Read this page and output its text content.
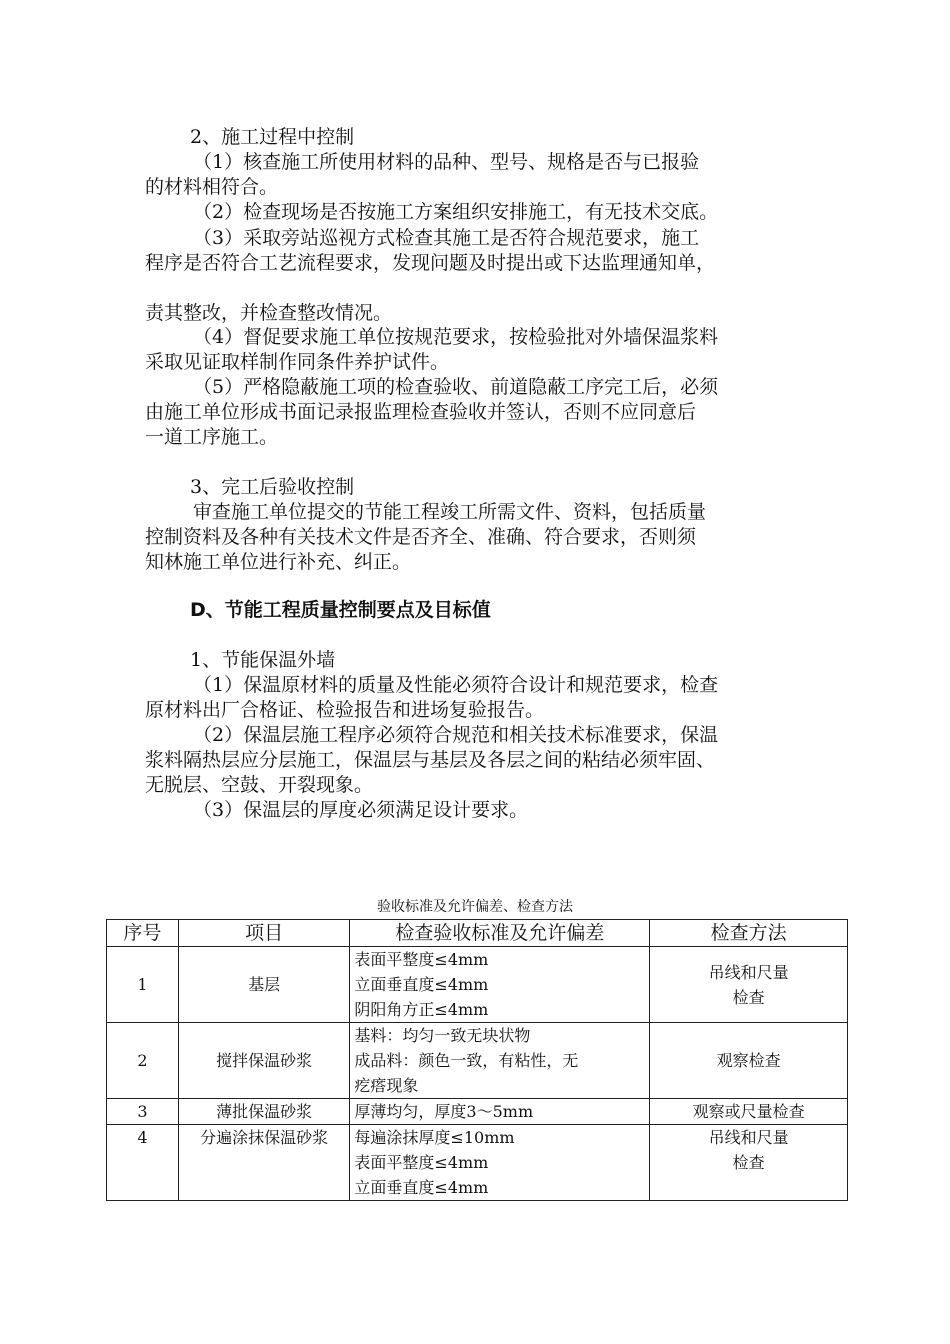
2、施工过程中控制
（1）核查施工所使用材料的品种、型号、规格是否与已报验
的材料相符合。
（2）检查现场是否按施工方案组织安排施工，有无技术交底。
（3）采取旁站巡视方式检查其施工是否符合规范要求，施工
程序是否符合工艺流程要求，发现问题及时提出或下达监理通知单，
责其整改，并检查整改情况。
（4）督促要求施工单位按规范要求，按检验批对外墙保温浆料
采取见证取样制作同条件养护试件。
（5）严格隐蔽施工项的检查验收、前道隐蔽工序完工后，必须
由施工单位形成书面记录报监理检查验收并签认，否则不应同意后
一道工序施工。
3、完工后验收控制
审查施工单位提交的节能工程竣工所需文件、资料，包括质量
控制资料及各种有关技术文件是否齐全、准确、符合要求，否则须
知林施工单位进行补充、纠正。
D、节能工程质量控制要点及目标值
1、节能保温外墙
（1）保温原材料的质量及性能必须符合设计和规范要求，检查
原材料出厂合格证、检验报告和进场复验报告。
（2）保温层施工程序必须符合规范和相关技术标准要求，保温
浆料隔热层应分层施工，保温层与基层及各层之间的粘结必须牢固、
无脱层、空鼓、开裂现象。
（3）保温层的厚度必须满足设计要求。
验收标准及允许偏差、检查方法
序号	项目	检查验收标准及允许偏差	检查方法
1	基层	表面平整度≤4mm
立面垂直度≤4mm
阴阳角方正≤4mm	吊线和尺量
检查

2	搅拌保温砂浆	基料：均匀一致无块状物
成品料：颜色一致，有粘性，无
疙瘩现象	观察检查

3	薄批保温砂浆	厚薄均匀，厚度3～5mm	观察或尺量检查

4	分遍涂抹保温砂浆	每遍涂抹厚度≤10mm
表面平整度≤4mm
立面垂直度≤4mm	吊线和尺量
检查
